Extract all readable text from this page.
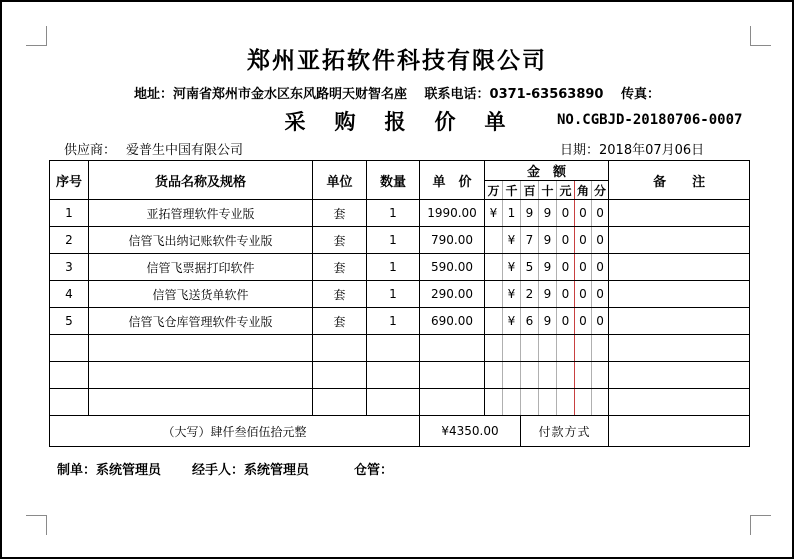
郑州亚拓软件科技有限公司
地址：河南省郑州市金水区东风路明天财智名座　 联系电话：0371-63563890 　传真：
采　购　报　价　单	NO.CGBJD-20180706-0007
供应商： 爱普生中国有限公司	日期：2018年07月06日
序号	货品名称及规格	单位	数量	单　价	金　额							备　　注
					万	千	百	十	元	角	分	
1	亚拓管理软件专业版	套	1	1990.00	¥	1	9	9	0	0	0	
2	信管飞出纳记账软件专业版	套	1	790.00		¥	7	9	0	0	0	
3	信管飞票据打印软件	套	1	590.00		¥	5	9	0	0	0	
4	信管飞送货单软件	套	1	290.00		¥	2	9	0	0	0	
5	信管飞仓库管理软件专业版	套	1	690.00		¥	6	9	0	0	0	

（大写）肆仟叁佰伍拾元整				¥4350.00			付款方式					
制单：系统管理员 经手人：系统管理员	仓管：
